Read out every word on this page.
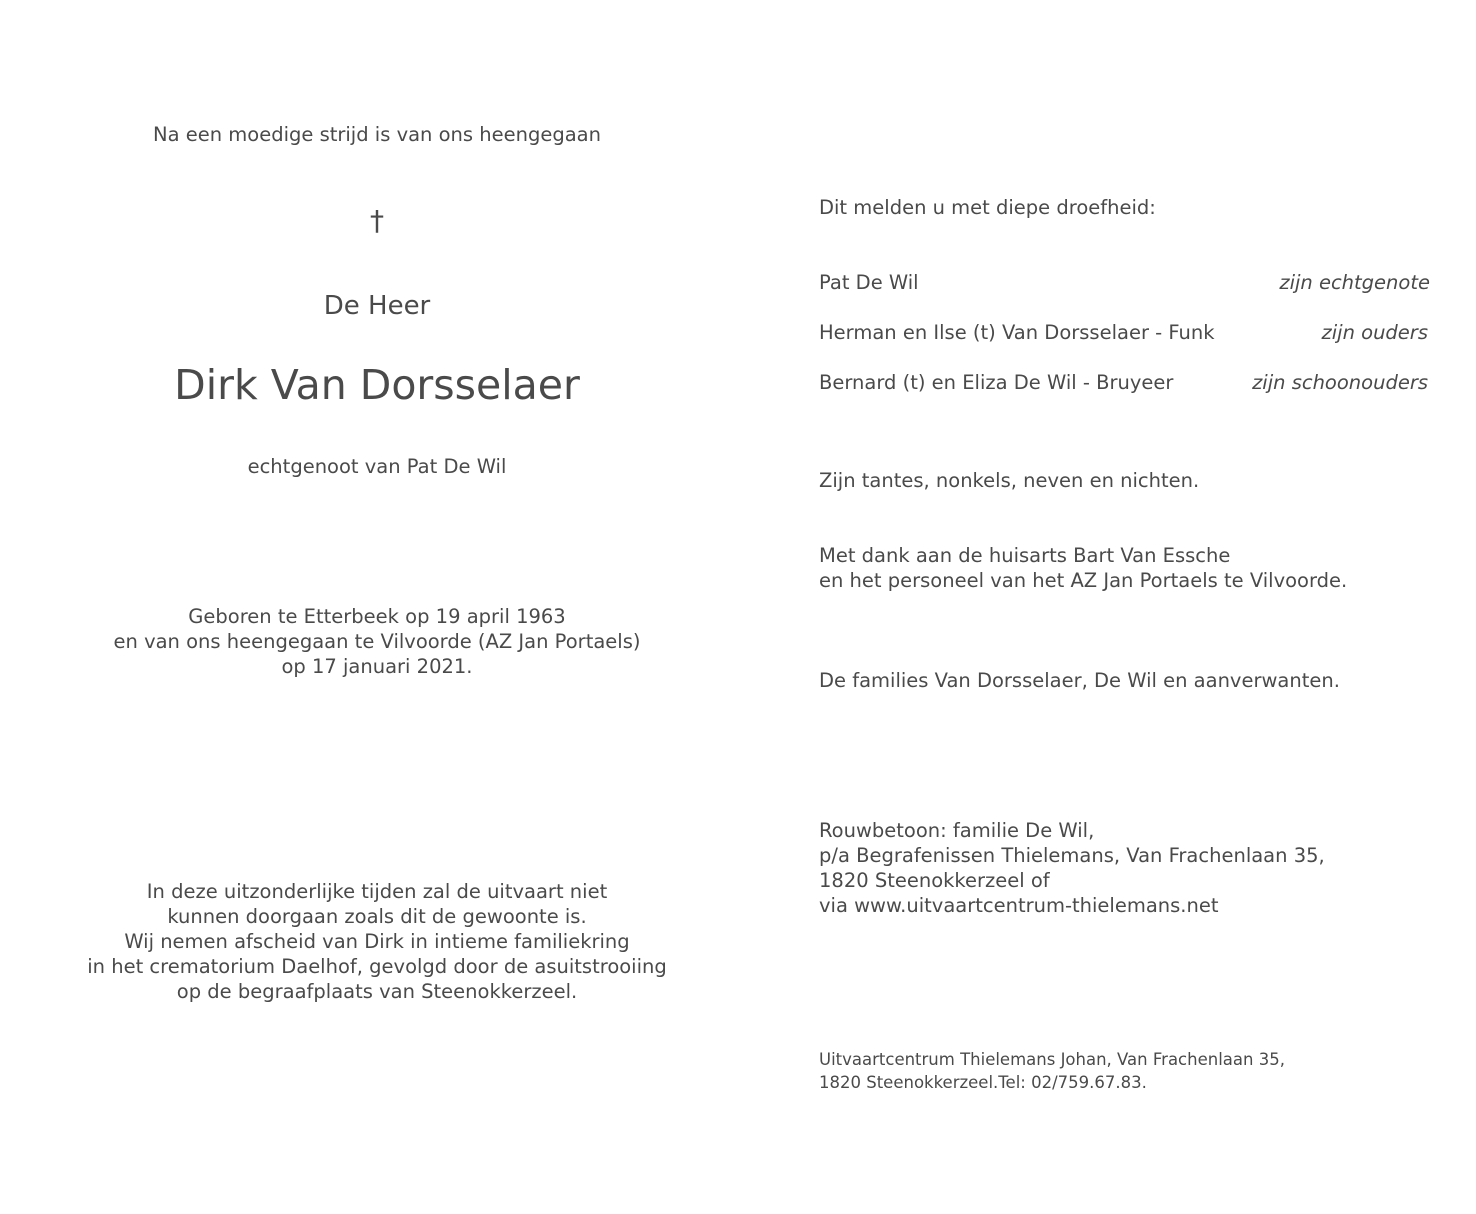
Na een moedige strijd is van ons heengegaan
†
De Heer
Dirk Van Dorsselaer
echtgenoot van Pat De Wil
Geboren te Etterbeek op 19 april 1963
en van ons heengegaan te Vilvoorde (AZ Jan Portaels)
op 17 januari 2021.
In deze uitzonderlijke tijden zal de uitvaart niet
kunnen doorgaan zoals dit de gewoonte is.
Wij nemen afscheid van Dirk in intieme familiekring
in het crematorium Daelhof, gevolgd door de asuitstrooiing
op de begraafplaats van Steenokkerzeel.
Dit melden u met diepe droefheid:
Pat De Wil	zijn echtgenote
Herman en Ilse (t) Van Dorsselaer - Funk	zijn ouders
Bernard (t) en Eliza De Wil - Bruyeer	zijn schoonouders
Zijn tantes, nonkels, neven en nichten.
Met dank aan de huisarts Bart Van Essche
en het personeel van het AZ Jan Portaels te Vilvoorde.
De families Van Dorsselaer, De Wil en aanverwanten.
Rouwbetoon: familie De Wil,
p/a Begrafenissen Thielemans, Van Frachenlaan 35,
1820 Steenokkerzeel of
via www.uitvaartcentrum-thielemans.net
Uitvaartcentrum Thielemans Johan, Van Frachenlaan 35,
1820 Steenokkerzeel.Tel: 02/759.67.83.
